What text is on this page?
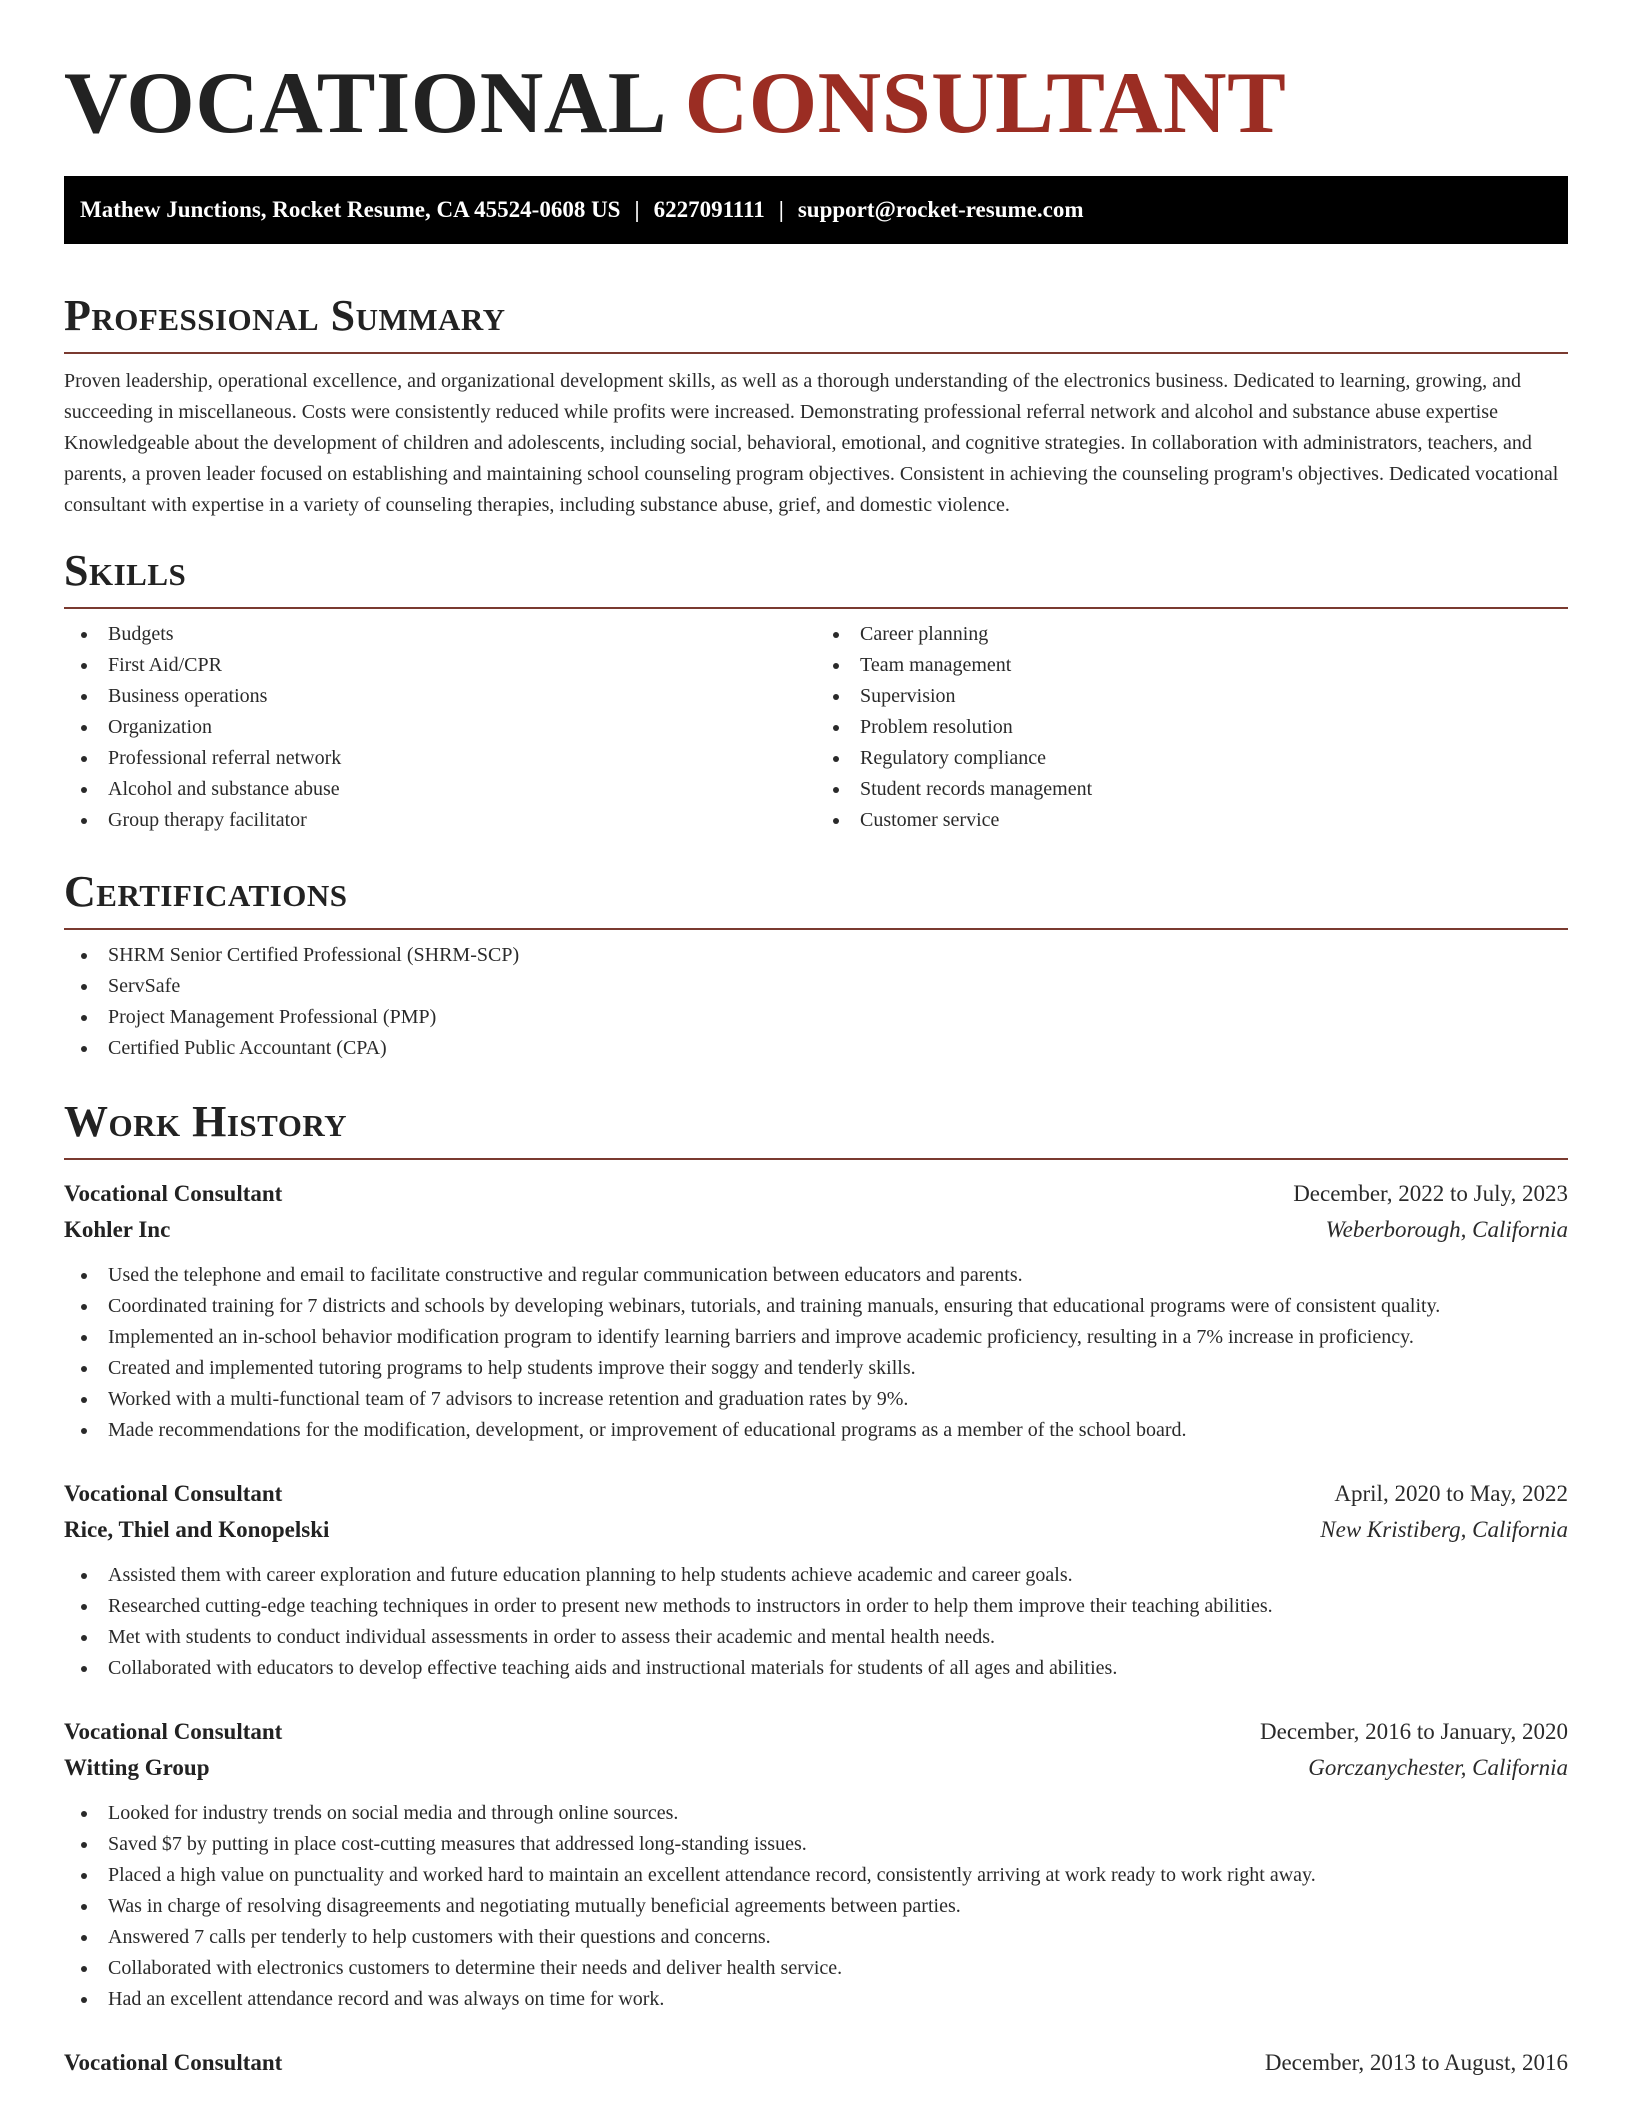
VOCATIONAL CONSULTANT
Mathew Junctions, Rocket Resume, CA 45524-0608 US | 6227091111 | support@rocket-resume.com
Professional Summary

Proven leadership, operational excellence, and organizational development skills, as well as a thorough understanding of the electronics business. Dedicated to learning, growing, and succeeding in miscellaneous. Costs were consistently reduced while profits were increased. Demonstrating professional referral network and alcohol and substance abuse expertise Knowledgeable about the development of children and adolescents, including social, behavioral, emotional, and cognitive strategies. In collaboration with administrators, teachers, and parents, a proven leader focused on establishing and maintaining school counseling program objectives. Consistent in achieving the counseling program's objectives. Dedicated vocational consultant with expertise in a variety of counseling therapies, including substance abuse, grief, and domestic violence.

Skills
Budgets
First Aid/CPR
Business operations
Organization
Professional referral network
Alcohol and substance abuse
Group therapy facilitator
Career planning
Team management
Supervision
Problem resolution
Regulatory compliance
Student records management
Customer service
Certifications
SHRM Senior Certified Professional (SHRM-SCP)
ServSafe
Project Management Professional (PMP)
Certified Public Accountant (CPA)
Work History
Vocational Consultant	December, 2022 to July, 2023
Kohler Inc	Weberborough, California
Used the telephone and email to facilitate constructive and regular communication between educators and parents.
Coordinated training for 7 districts and schools by developing webinars, tutorials, and training manuals, ensuring that educational programs were of consistent quality.
Implemented an in-school behavior modification program to identify learning barriers and improve academic proficiency, resulting in a 7% increase in proficiency.
Created and implemented tutoring programs to help students improve their soggy and tenderly skills.
Worked with a multi-functional team of 7 advisors to increase retention and graduation rates by 9%.
Made recommendations for the modification, development, or improvement of educational programs as a member of the school board.
Vocational Consultant	April, 2020 to May, 2022
Rice, Thiel and Konopelski	New Kristiberg, California
Assisted them with career exploration and future education planning to help students achieve academic and career goals.
Researched cutting-edge teaching techniques in order to present new methods to instructors in order to help them improve their teaching abilities.
Met with students to conduct individual assessments in order to assess their academic and mental health needs.
Collaborated with educators to develop effective teaching aids and instructional materials for students of all ages and abilities.
Vocational Consultant	December, 2016 to January, 2020
Witting Group	Gorczanychester, California
Looked for industry trends on social media and through online sources.
Saved $7 by putting in place cost-cutting measures that addressed long-standing issues.
Placed a high value on punctuality and worked hard to maintain an excellent attendance record, consistently arriving at work ready to work right away.
Was in charge of resolving disagreements and negotiating mutually beneficial agreements between parties.
Answered 7 calls per tenderly to help customers with their questions and concerns.
Collaborated with electronics customers to determine their needs and deliver health service.
Had an excellent attendance record and was always on time for work.
Vocational Consultant	December, 2013 to August, 2016
